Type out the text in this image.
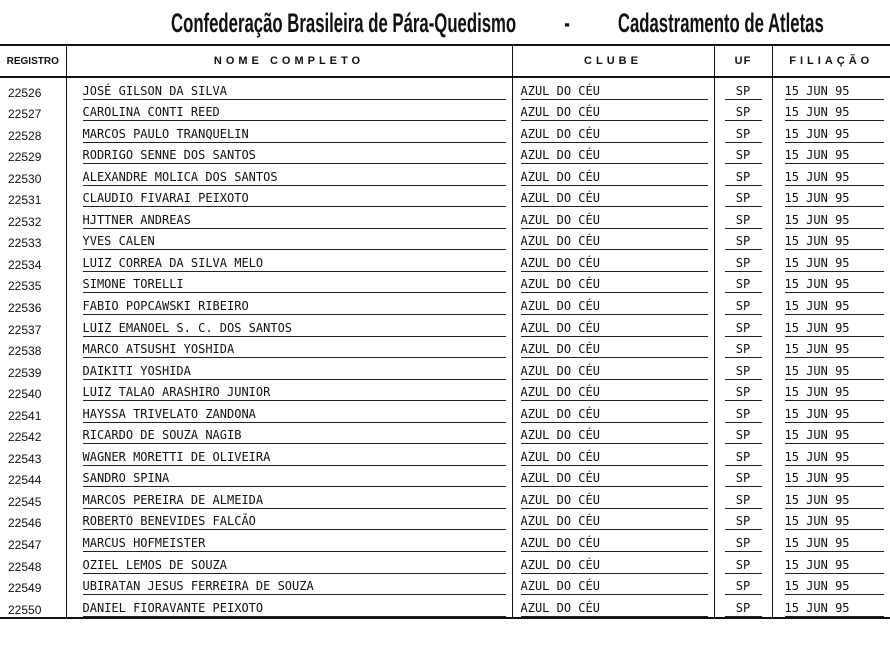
Confederação Brasileira de Pára-Quedismo - Cadastramento de Atletas
REGISTRO	NOME COMPLETO	CLUBE	UF	FILIAÇÃO
22526	JOSÉ GILSON DA SILVA	AZUL DO CÉU	SP	15 JUN 95

22527	CAROLINA CONTI REED	AZUL DO CÉU	SP	15 JUN 95

22528	MARCOS PAULO TRANQUELIN	AZUL DO CÉU	SP	15 JUN 95

22529	RODRIGO SENNE DOS SANTOS	AZUL DO CÉU	SP	15 JUN 95

22530	ALEXANDRE MOLICA DOS SANTOS	AZUL DO CÉU	SP	15 JUN 95

22531	CLAUDIO FIVARAI PEIXOTO	AZUL DO CÉU	SP	15 JUN 95

22532	HJTTNER ANDREAS	AZUL DO CÉU	SP	15 JUN 95

22533	YVES CALEN	AZUL DO CÉU	SP	15 JUN 95

22534	LUIZ CORREA DA SILVA MELO	AZUL DO CÉU	SP	15 JUN 95

22535	SIMONE TORELLI	AZUL DO CÉU	SP	15 JUN 95

22536	FABIO POPCAWSKI RIBEIRO	AZUL DO CÉU	SP	15 JUN 95

22537	LUIZ EMANOEL S. C. DOS SANTOS	AZUL DO CÉU	SP	15 JUN 95

22538	MARCO ATSUSHI YOSHIDA	AZUL DO CÉU	SP	15 JUN 95

22539	DAIKITI YOSHIDA	AZUL DO CÉU	SP	15 JUN 95

22540	LUIZ TALAO ARASHIRO JUNIOR	AZUL DO CÉU	SP	15 JUN 95

22541	HAYSSA TRIVELATO ZANDONA	AZUL DO CÉU	SP	15 JUN 95

22542	RICARDO DE SOUZA NAGIB	AZUL DO CÉU	SP	15 JUN 95

22543	WAGNER MORETTI DE OLIVEIRA	AZUL DO CÉU	SP	15 JUN 95

22544	SANDRO SPINA	AZUL DO CÉU	SP	15 JUN 95

22545	MARCOS PEREIRA DE ALMEIDA	AZUL DO CÉU	SP	15 JUN 95

22546	ROBERTO BENEVIDES FALCÃO	AZUL DO CÉU	SP	15 JUN 95

22547	MARCUS HOFMEISTER	AZUL DO CÉU	SP	15 JUN 95

22548	OZIEL LEMOS DE SOUZA	AZUL DO CÉU	SP	15 JUN 95

22549	UBIRATAN JESUS FERREIRA DE SOUZA	AZUL DO CÉU	SP	15 JUN 95

22550	DANIEL FIORAVANTE PEIXOTO	AZUL DO CÉU	SP	15 JUN 95
